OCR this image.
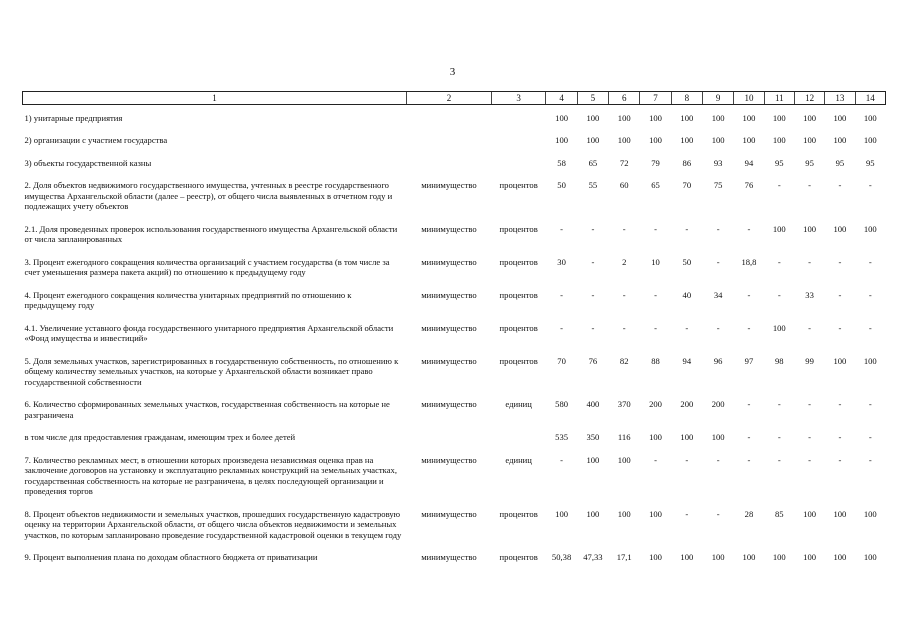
3
1	2	3	4	5	6	7	8	9	10	11	12	13	14
1) унитарные предприятия			100	100	100	100	100	100	100	100	100	100	100
2) организации с участием государства			100	100	100	100	100	100	100	100	100	100	100
3) объекты государственной казны			58	65	72	79	86	93	94	95	95	95	95
2. Доля объектов недвижимого государственного имущества, учтенных в реестре государственного имущества Архангельской области (далее – реестр), от общего числа выявленных в отчетном году и подлежащих учету объектов	минимущество	процентов	50	55	60	65	70	75	76	-	-	-	-
2.1. Доля проведенных проверок использования государственного имущества Архангельской области от числа запланированных	минимущество	процентов	-	-	-	-	-	-	-	100	100	100	100
3. Процент ежегодного сокращения количества организаций с участием государства (в том числе за счет уменьшения размера пакета акций) по отношению к предыдущему году	минимущество	процентов	30	-	2	10	50	-	18,8	-	-	-	-
4. Процент ежегодного сокращения количества унитарных предприятий по отношению к предыдущему году	минимущество	процентов	-	-	-	-	40	34	-	-	33	-	-
4.1. Увеличение уставного фонда государственного унитарного предприятия Архангельской области «Фонд имущества и инвестиций»	минимущество	процентов	-	-	-	-	-	-	-	100	-	-	-
5. Доля земельных участков, зарегистрированных в государственную собственность, по отношению к общему количеству земельных участков, на которые у Архангельской области возникает право государственной собственности	минимущество	процентов	70	76	82	88	94	96	97	98	99	100	100
6. Количество сформированных земельных участков, государственная собственность на которые не разграничена	минимущество	единиц	580	400	370	200	200	200	-	-	-	-	-
в том числе для предоставления гражданам, имеющим трех и более детей			535	350	116	100	100	100	-	-	-	-	-
7. Количество рекламных мест, в отношении которых произведена независимая оценка прав на заключение договоров на установку и эксплуатацию рекламных конструкций на земельных участках, государственная собственность на которые не разграничена, в целях последующей организации и проведения торгов	минимущество	единиц	-	100	100	-	-	-	-	-	-	-	-
8. Процент объектов недвижимости и земельных участков, прошедших государственную кадастровую оценку на территории Архангельской области, от общего числа объектов недвижимости и земельных участков, по которым запланировано проведение государственной кадастровой оценки в текущем году	минимущество	процентов	100	100	100	100	-	-	28	85	100	100	100
9. Процент выполнения плана по доходам областного бюджета от приватизации	минимущество	процентов	50,38	47,33	17,1	100	100	100	100	100	100	100	100
